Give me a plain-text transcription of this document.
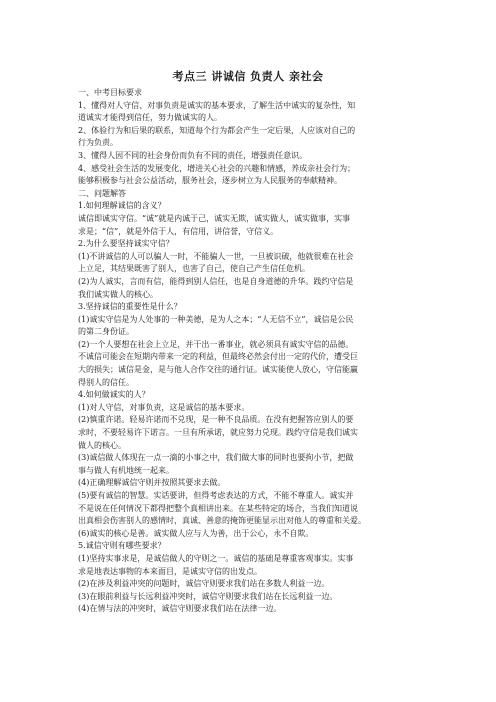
考点三 讲诚信 负责人 亲社会
一、中考目标要求
1、懂得对人守信、对事负责是诚实的基本要求，了解生活中诚实的复杂性，知
道诚实才能得到信任，努力做诚实的人。
2、体验行为和后果的联系，知道每个行为都会产生一定后果，人应该对自己的
行为负责。
3、懂得人因不同的社会身份而负有不同的责任，增强责任意识。
4、感受社会生活的发展变化，增进关心社会的兴趣和情感，养成亲社会行为；
能够积极参与社会公益活动，服务社会，逐步树立为人民服务的奉献精神。
二、问题解答
1.如何理解诚信的含义？
诚信即诚实守信。“诚”就是内诚于己，诚实无欺，诚实做人，诚实做事，实事
求是；“信”，就是外信于人，有信用，讲信誉，守信义。
2.为什么要坚持诚实守信？
(1)不讲诚信的人可以骗人一时，不能骗人一世，一旦被识破，他就很难在社会
上立足，其结果既害了别人，也害了自己，使自己产生信任危机。
(2)为人诚实，言而有信，能得到别人信任，也是自身道德的升华。践约守信是
我们诚实做人的核心。
3.坚持诚信的重要性是什么？
(1)诚实守信是为人处事的一种美德，是为人之本；“人无信不立”，诚信是公民
的第二身份证。
(2)一个人要想在社会上立足，并干出一番事业，就必须具有诚实守信的品德。
不诚信可能会在短期内带来一定的利益，但最终必然会付出一定的代价，遭受巨
大的损失；诚信是金，是与他人合作交往的通行证。诚实能使人放心，守信能赢
得别人的信任。
4.如何做诚实的人？
(1)对人守信，对事负责，这是诚信的基本要求。
(2)慎重许诺。轻易许诺而不兑现，是一种不良品质。在没有把握答应别人的要
求时，不要轻易许下诺言。一旦有所承诺，就应努力兑现。践约守信是我们诚实
做人的核心。
(3)诚信做人体现在一点一滴的小事之中，我们做大事的同时也要拘小节，把做
事与做人有机地统一起来。
(4)正确理解诚信守则并按照其要求去做。
(5)要有诚信的智慧。实话要讲，但得考虑表达的方式，不能不尊重人。诚实并
不是说在任何情况下都得把整个真相讲出来。在某些特定的场合，当我们知道说
出真相会伤害别人的感情时，真诚、善意的掩饰更能显示出对他人的尊重和关爱。
(6)诚实的核心是善。诚实做人应与人为善，出于公心，永不自欺。
5.诚信守则有哪些要求？
(1)坚持实事求是，是诚信做人的守则之一。诚信的基础是尊重客观事实。实事
求是地表达事物的本来面目，是诚实守信的出发点。
(2)在涉及利益冲突的问题时，诚信守则要求我们站在多数人利益一边。
(3)在眼前利益与长远利益冲突时，诚信守则要求我们站在长远利益一边。
(4)在情与法的冲突时，诚信守则要求我们站在法律一边。
